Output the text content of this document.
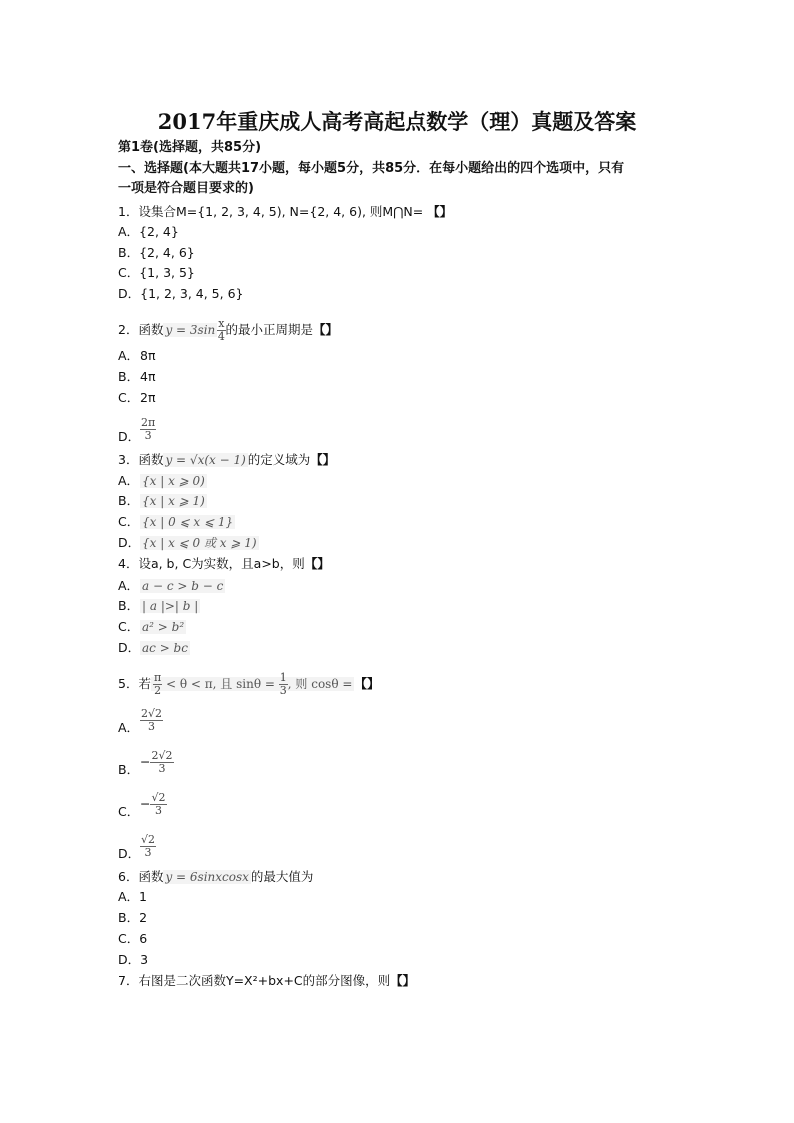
2017年重庆成人高考高起点数学（理）真题及答案
第1卷(选择题，共85分)
一、选择题(本大题共17小题，每小题5分，共85分．在每小题给出的四个选项中，只有
一项是符合题目要求的)
1．设集合M={1, 2, 3, 4, 5), N={2, 4, 6), 则M⋂N= 【】
A．{2, 4}
B．{2, 4, 6}
C．{1, 3, 5}
D．{1, 2, 3, 4, 5, 6}
2．函数 $y = 3\sin \frac{x}{4}$ 的最小正周期是【】
A．8π
B．4π
C．2π
D． $\frac{2\pi}{3}$
3．函数 y = √x(x − 1) 的定义域为【】
A． {x | x ⩾ 0)
B． {x | x ⩾ 1)
C． {x | 0 ⩽ x ⩽ 1}
D． {x | x ⩽ 0 或 x ⩾ 1)
4．设a, b, C为实数，且a>b，则【】
A． a − c > b − c
B． | a |>| b |
C． a² > b²
D． ac > bc
5．若 $\frac{\pi}{2} < \theta < \pi$, 且 $\sin\theta = \frac{1}{3}$ , 则 cosθ = 【】
A． $\frac{2√2}{3}$
B．− $\frac{2√2}{3}$
C．− $\frac{√2}{3}$
D． $\frac{√2}{3}$
6．函数 y = 6sinxcosx 的最大值为
A．1
B．2
C．6
D．3
7．右图是二次函数Y=X²+bx+C的部分图像，则【】
